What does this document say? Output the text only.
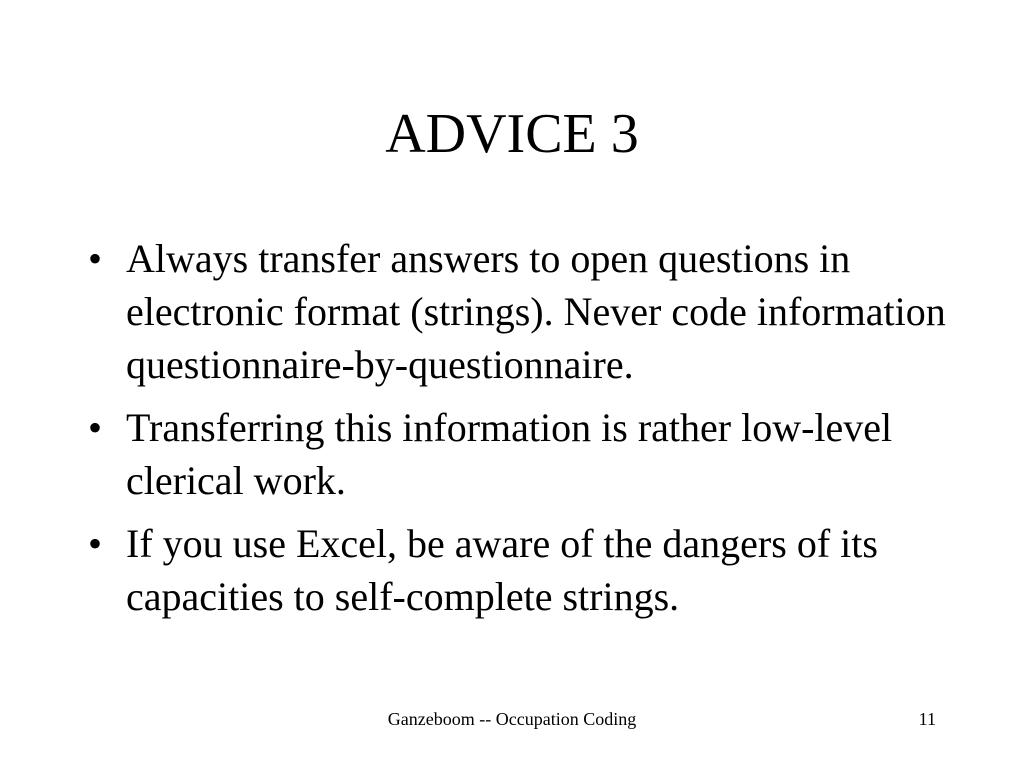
ADVICE 3
• Always transfer answers to open questions in electronic format (strings). Never code information questionnaire-by-questionnaire.
• Transferring this information is rather low-level clerical work.
• If you use Excel, be aware of the dangers of its capacities to self-complete strings.
Ganzeboom -- Occupation Coding	11
